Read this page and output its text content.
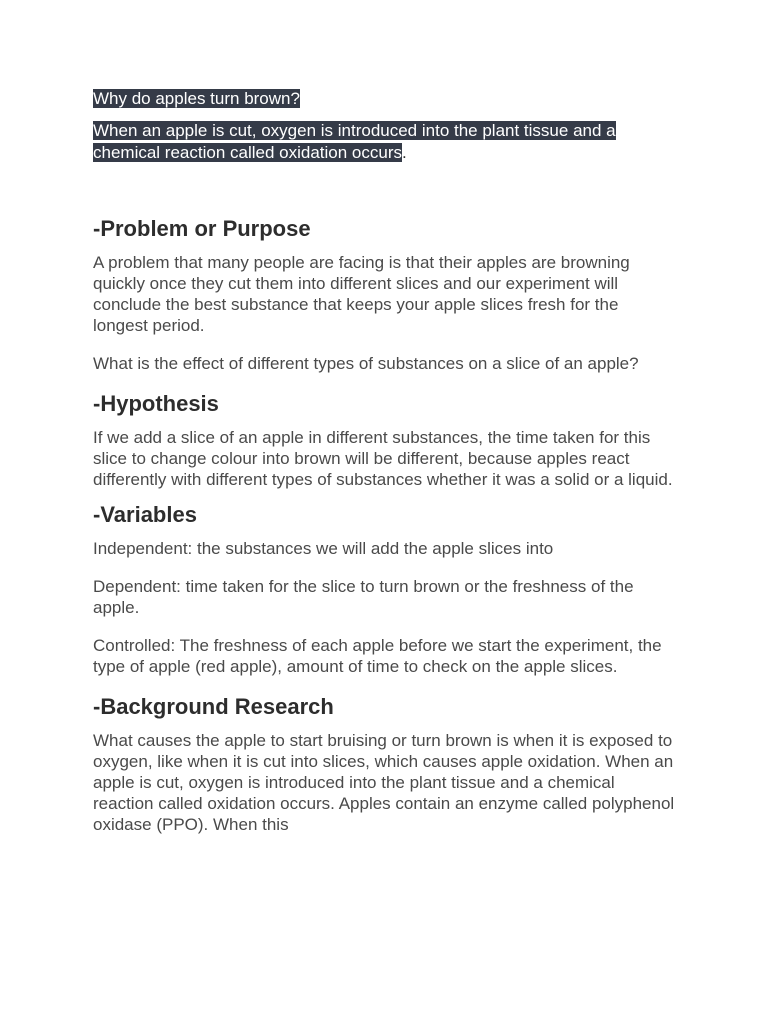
Why do apples turn brown?
When an apple is cut, oxygen is introduced into the plant tissue and a chemical reaction called oxidation occurs.
-Problem or Purpose

A problem that many people are facing is that their apples are browning quickly once they cut them into different slices and our experiment will conclude the best substance that keeps your apple slices fresh for the longest period.

What is the effect of different types of substances on a slice of an apple?

-Hypothesis

If we add a slice of an apple in different substances, the time taken for this slice to change colour into brown will be different, because apples react differently with different types of substances whether it was a solid or a liquid.

-Variables

Independent: the substances we will add the apple slices into

Dependent: time taken for the slice to turn brown or the freshness of the apple.

Controlled: The freshness of each apple before we start the experiment, the type of apple (red apple), amount of time to check on the apple slices.

-Background Research

What causes the apple to start bruising or turn brown is when it is exposed to oxygen, like when it is cut into slices, which causes apple oxidation. When an apple is cut, oxygen is introduced into the plant tissue and a chemical reaction called oxidation occurs. Apples contain an enzyme called polyphenol oxidase (PPO). When this
